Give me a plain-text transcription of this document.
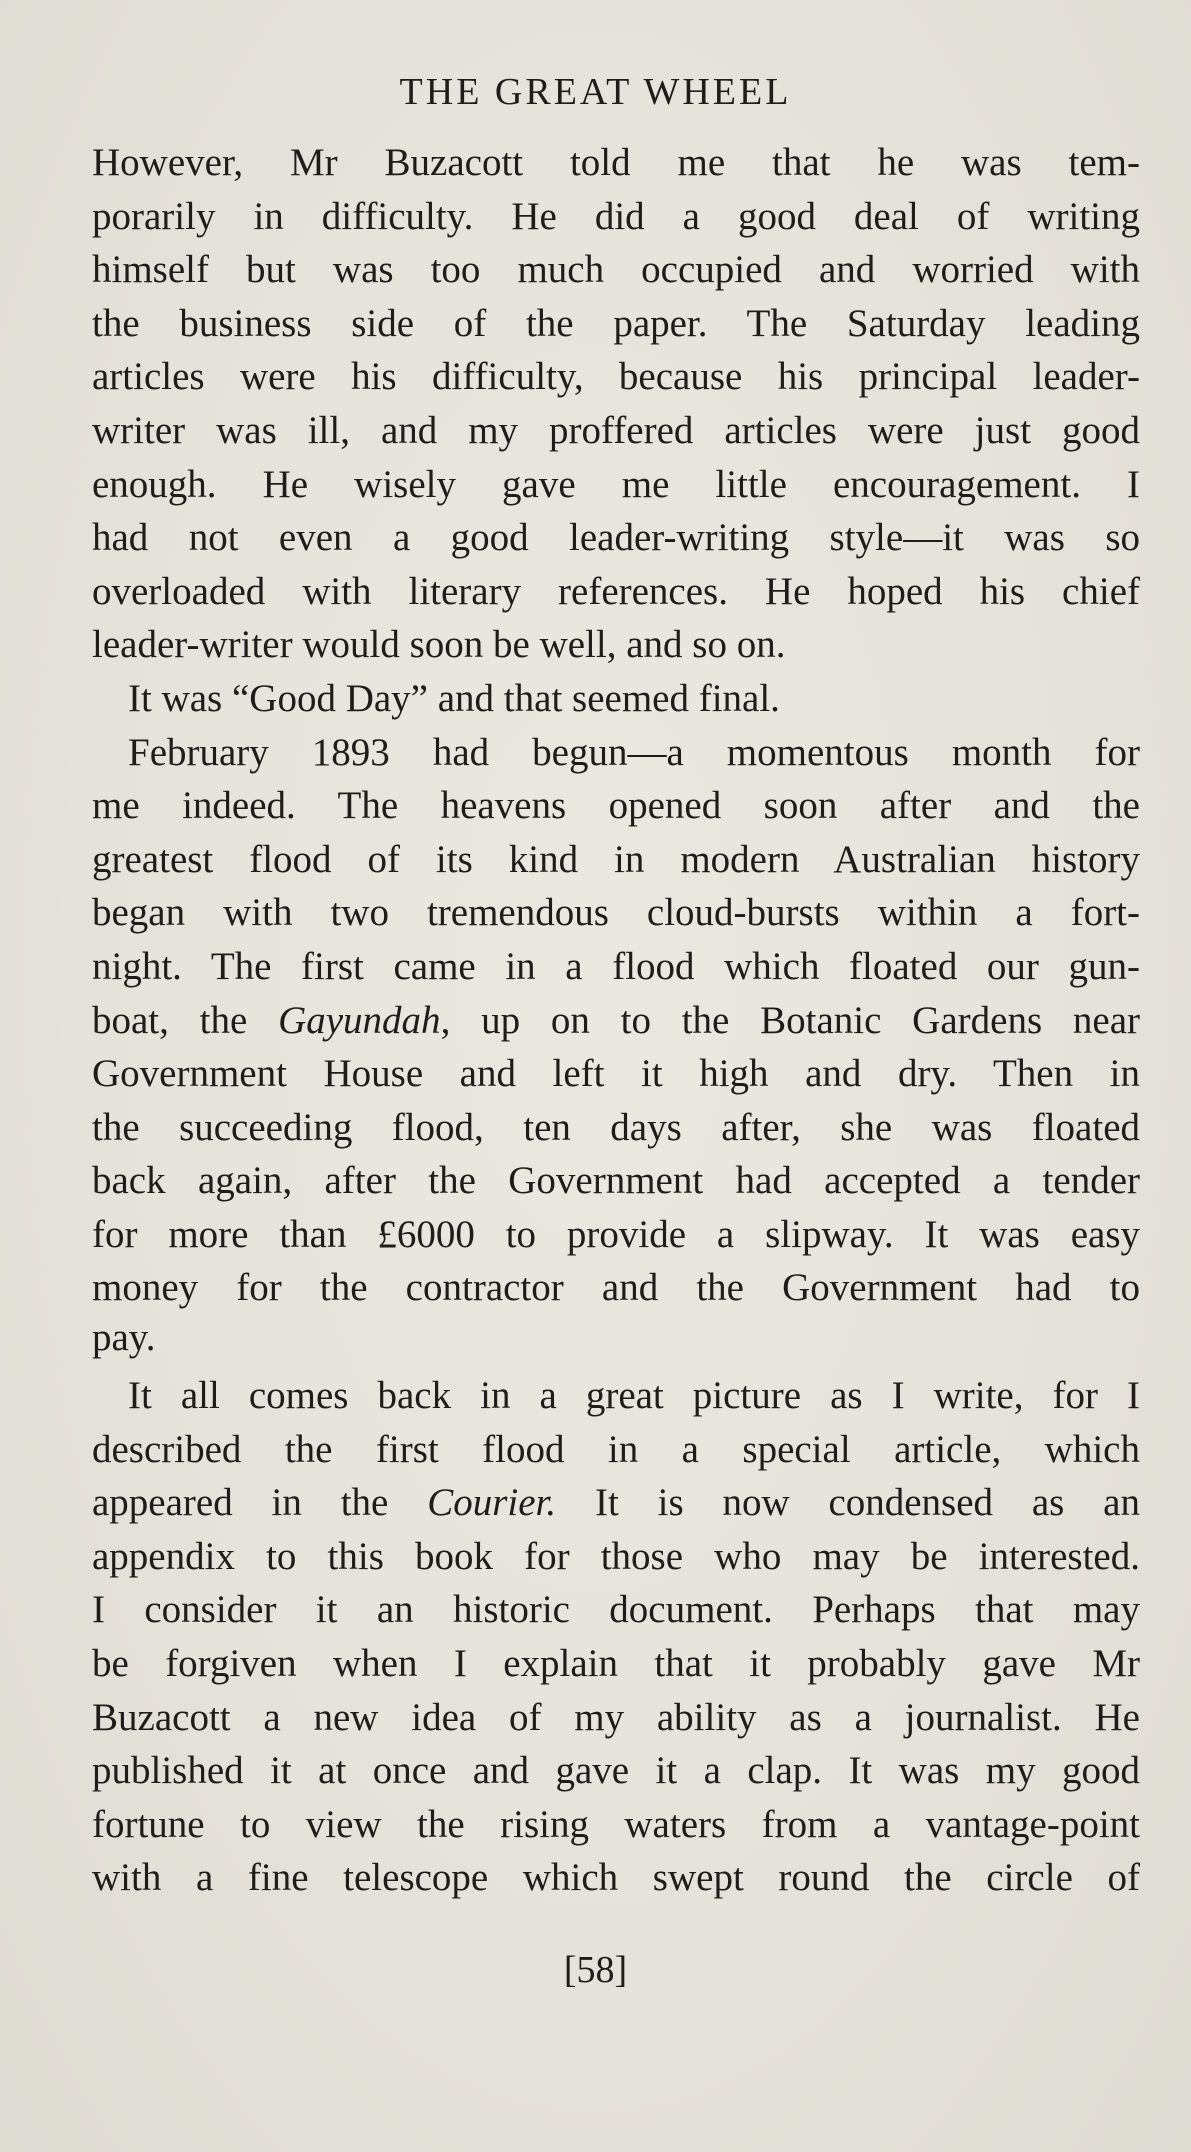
THE GREAT WHEEL
However, Mr Buzacott told me that he was tem-
porarily in difficulty. He did a good deal of writing
himself but was too much occupied and worried with
the business side of the paper. The Saturday leading
articles were his difficulty, because his principal leader-
writer was ill, and my proffered articles were just good
enough. He wisely gave me little encouragement. I
had not even a good leader-writing style—it was so
overloaded with literary references. He hoped his chief
leader-writer would soon be well, and so on.
It was “Good Day” and that seemed final.
February 1893 had begun—a momentous month for
me indeed. The heavens opened soon after and the
greatest flood of its kind in modern Australian history
began with two tremendous cloud-bursts within a fort-
night. The first came in a flood which floated our gun-
boat, the Gayundah, up on to the Botanic Gardens near
Government House and left it high and dry. Then in
the succeeding flood, ten days after, she was floated
back again, after the Government had accepted a tender
for more than £6000 to provide a slipway. It was easy
money for the contractor and the Government had to
pay.
It all comes back in a great picture as I write, for I
described the first flood in a special article, which
appeared in the Courier. It is now condensed as an
appendix to this book for those who may be interested.
I consider it an historic document. Perhaps that may
be forgiven when I explain that it probably gave Mr
Buzacott a new idea of my ability as a journalist. He
published it at once and gave it a clap. It was my good
fortune to view the rising waters from a vantage-point
with a fine telescope which swept round the circle of
[58]
